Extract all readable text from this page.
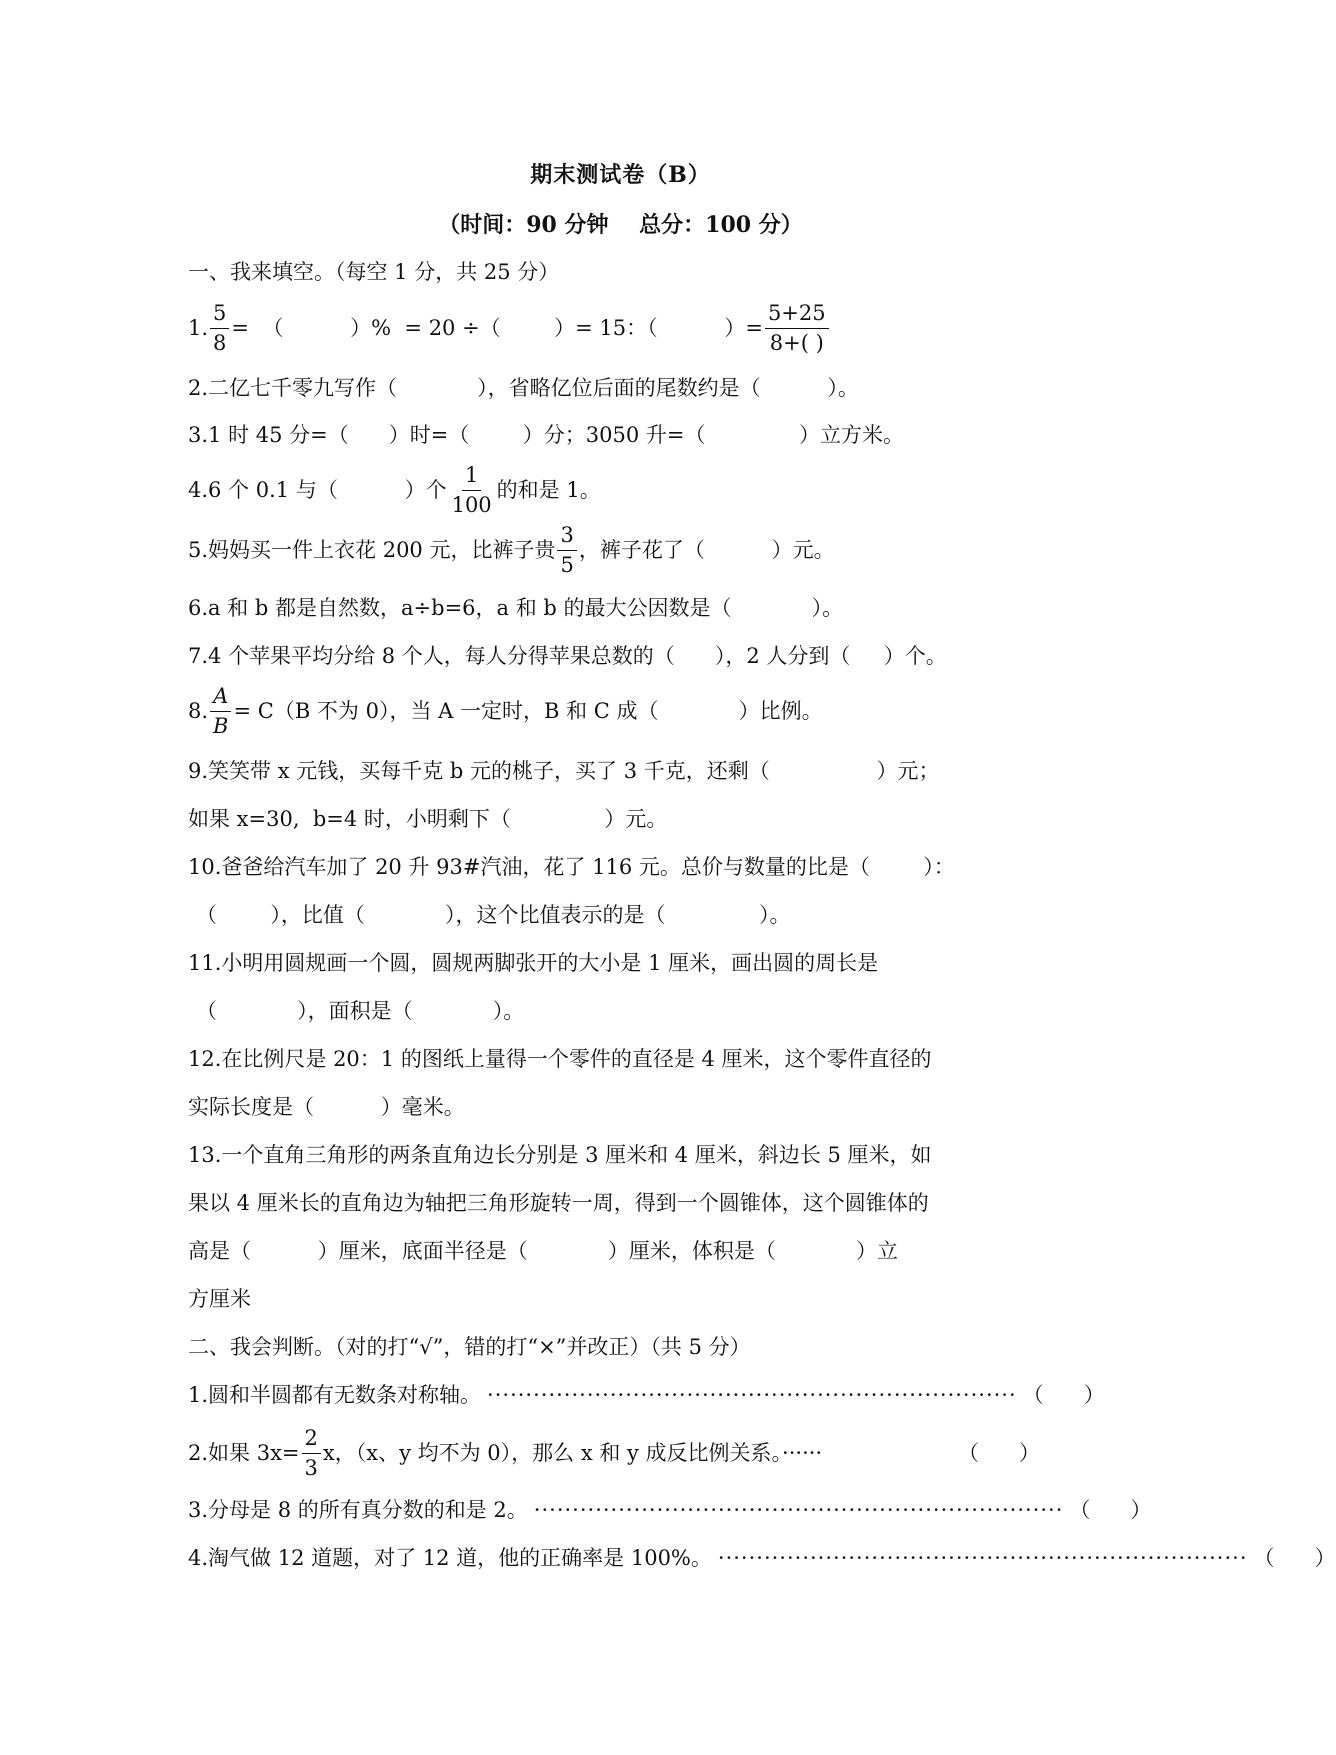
期末测试卷（B）
（时间：90 分钟    总分：100 分）
一、我来填空。（每空 1 分，共 25 分）
1. $\frac{5}{8}$ =  （          ）%  = 20 ÷（        ）= 15：（          ）= $\frac{5+25}{8+( )}$
2.二亿七千零九写作（            ），省略亿位后面的尾数约是（          ）。
3.1 时 45 分=（      ）时=（        ）分；3050 升=（              ）立方米。
4.6 个 0.1 与（          ）个 $\frac{1}{100}$ 的和是 1。
5.妈妈买一件上衣花 200 元，比裤子贵 $\frac{3}{5}$ ，裤子花了（          ）元。
6.a 和 b 都是自然数，a÷b=6，a 和 b 的最大公因数是（            ）。
7.4 个苹果平均分给 8 个人，每人分得苹果总数的（      ），2 人分到（     ）个。
8. $\frac{A}{B} = C(B$ 不为 0），当 A 一定时，B 和 C 成（            ）比例。
9.笑笑带 x 元钱，买每千克 b 元的桃子，买了 3 千克，还剩（                ）元；
如果 x=30,  b=4 时，小明剩下（              ）元。
10.爸爸给汽车加了 20 升 93#汽油，花了 116 元。总价与数量的比是（        ）：
（        ），比值（            ），这个比值表示的是（              ）。
11.小明用圆规画一个圆，圆规两脚张开的大小是 1 厘米，画出圆的周长是
（            ），面积是（            ）。
12.在比例尺是 20：1 的图纸上量得一个零件的直径是 4 厘米，这个零件直径的
实际长度是（          ）毫米。
13.一个直角三角形的两条直角边长分别是 3 厘米和 4 厘米，斜边长 5 厘米，如
果以 4 厘米长的直角边为轴把三角形旋转一周，得到一个圆锥体，这个圆锥体的
高是（          ）厘米，底面半径是（            ）厘米，体积是（            ）立
方厘米
二、我会判断。（对的打“√”，错的打“×”并改正）（共 5 分）
1.圆和半圆都有无数条对称轴。 ····································································· （      ）
2.如果 $3x= \frac{2}{3}$ x，（x、y 均不为 0），那么 x 和 y 成反比例关系。······	（      ）
3.分母是 8 的所有真分数的和是 2。 ····································································· （      ）
4.淘气做 12 道题，对了 12 道，他的正确率是 100%。 ····································································· （      ）
